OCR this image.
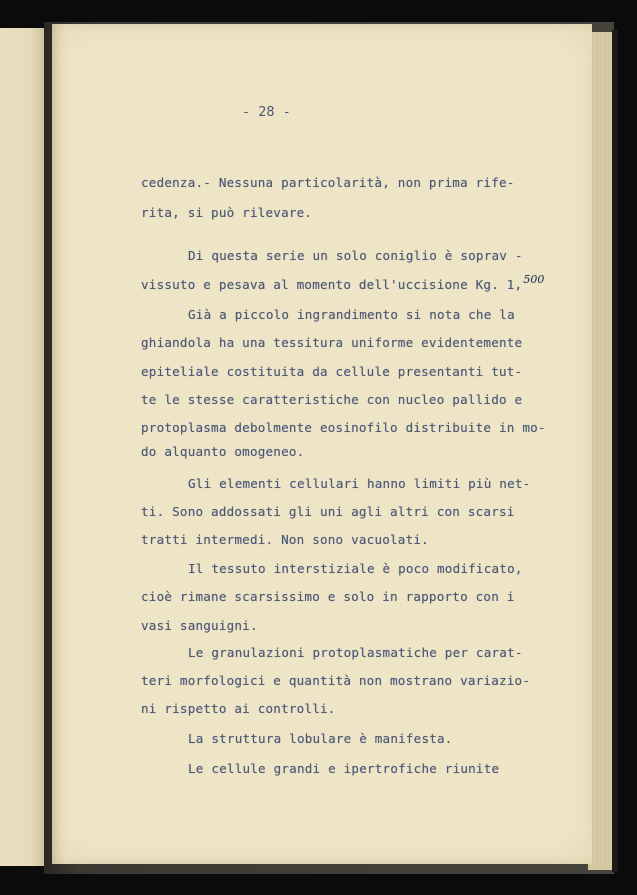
- 28 -
cedenza.- Nessuna particolarità, non prima rife-
rita, si può rilevare.
Di questa serie un solo coniglio è soprav -
vissuto e pesava al momento dell'uccisione Kg. 1,500
Già a piccolo ingrandimento si nota che la
ghiandola ha una tessitura uniforme evidentemente
epiteliale costituita da cellule presentanti tut-
te le stesse caratteristiche con nucleo pallido e
protoplasma debolmente eosinofilo distribuite in mo-
do alquanto omogeneo.
Gli elementi cellulari hanno limiti più net-
ti. Sono addossati gli uni agli altri con scarsi
tratti intermedi. Non sono vacuolati.
Il tessuto interstiziale è poco modificato,
cioè rimane scarsissimo e solo in rapporto con i
vasi sanguigni.
Le granulazioni protoplasmatiche per carat-
teri morfologici e quantità non mostrano variazio-
ni rispetto ai controlli.
La struttura lobulare è manifesta.
Le cellule grandi e ipertrofiche riunite
